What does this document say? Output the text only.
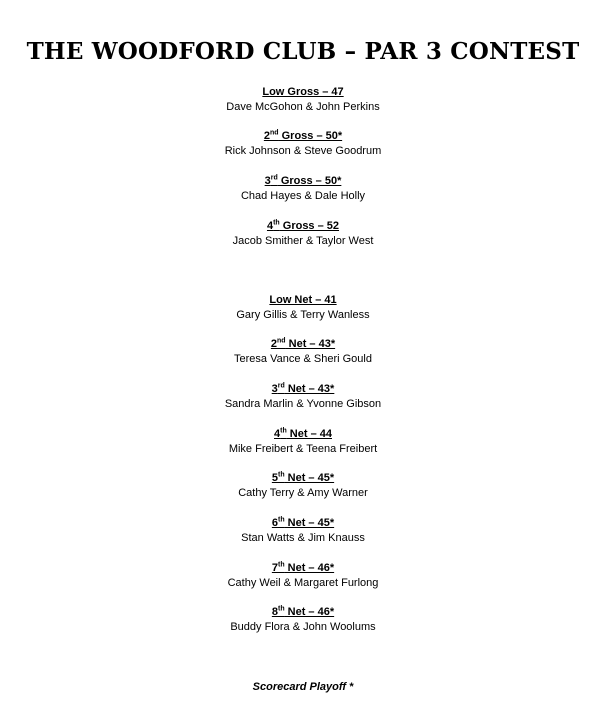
THE WOODFORD CLUB – PAR 3 CONTEST
Low Gross – 47
Dave McGohon & John Perkins
2nd Gross – 50*
Rick Johnson & Steve Goodrum
3rd Gross – 50*
Chad Hayes & Dale Holly
4th Gross – 52
Jacob Smither & Taylor West
Low Net – 41
Gary Gillis & Terry Wanless
2nd Net – 43*
Teresa Vance & Sheri Gould
3rd Net – 43*
Sandra Marlin & Yvonne Gibson
4th Net – 44
Mike Freibert & Teena Freibert
5th Net – 45*
Cathy Terry & Amy Warner
6th Net – 45*
Stan Watts & Jim Knauss
7th Net – 46*
Cathy Weil & Margaret Furlong
8th Net – 46*
Buddy Flora & John Woolums
Scorecard Playoff *
